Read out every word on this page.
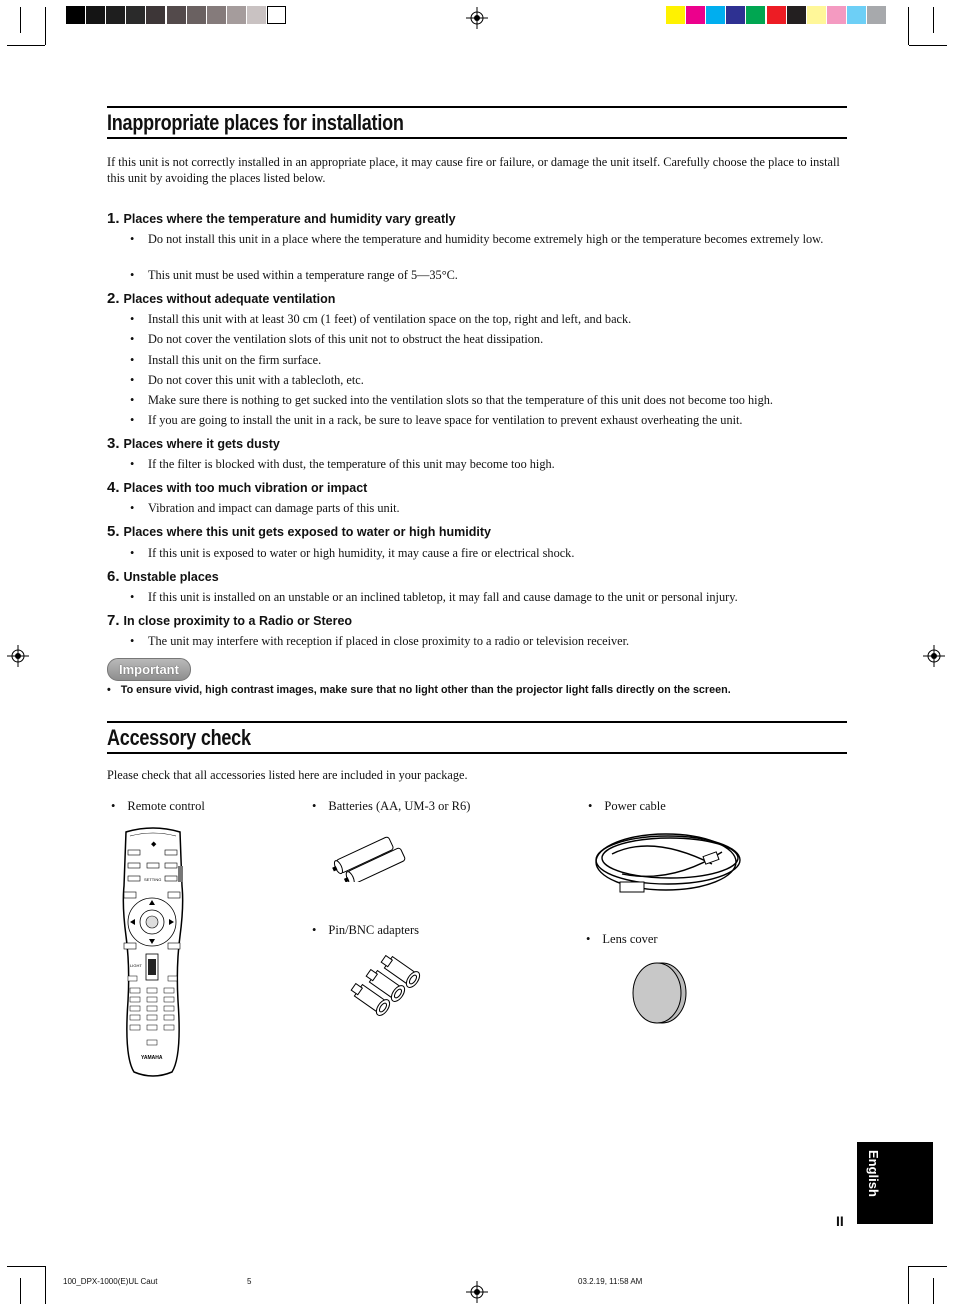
Inappropriate places for installation
If this unit is not correctly installed in an appropriate place, it may cause fire or failure, or damage the unit itself. Carefully choose the place to install this unit by avoiding the places listed below.
1. Places where the temperature and humidity vary greatly
• Do not install this unit in a place where the temperature and humidity become extremely high or the temperature becomes extremely low.
• This unit must be used within a temperature range of 5—35°C.
2. Places without adequate ventilation
• Install this unit with at least 30 cm (1 feet) of ventilation space on the top, right and left, and back.
• Do not cover the ventilation slots of this unit not to obstruct the heat dissipation.
• Install this unit on the firm surface.
• Do not cover this unit with a tablecloth, etc.
• Make sure there is nothing to get sucked into the ventilation slots so that the temperature of this unit does not become too high.
• If you are going to install the unit in a rack, be sure to leave space for ventilation to prevent exhaust overheating the unit.
3. Places where it gets dusty
• If the filter is blocked with dust, the temperature of this unit may become too high.
4. Places with too much vibration or impact
• Vibration and impact can damage parts of this unit.
5. Places where this unit gets exposed to water or high humidity
• If this unit is exposed to water or high humidity, it may cause a fire or electrical shock.
6. Unstable places
• If this unit is installed on an unstable or an inclined tabletop, it may fall and cause damage to the unit or personal injury.
7. In close proximity to a Radio or Stereo
• The unit may interfere with reception if placed in close proximity to a radio or television receiver.
Important
• To ensure vivid, high contrast images, make sure that no light other than the projector light falls directly on the screen.
Accessory check
Please check that all accessories listed here are included in your package.
• Remote control	• Batteries (AA, UM-3 or R6)	• Power cable
• Pin/BNC adapters
• Lens cover
◆
SETTING
LIGHT
YAMAHA
English
II
100_DPX-1000(E)UL Caut	5	03.2.19, 11:58 AM
